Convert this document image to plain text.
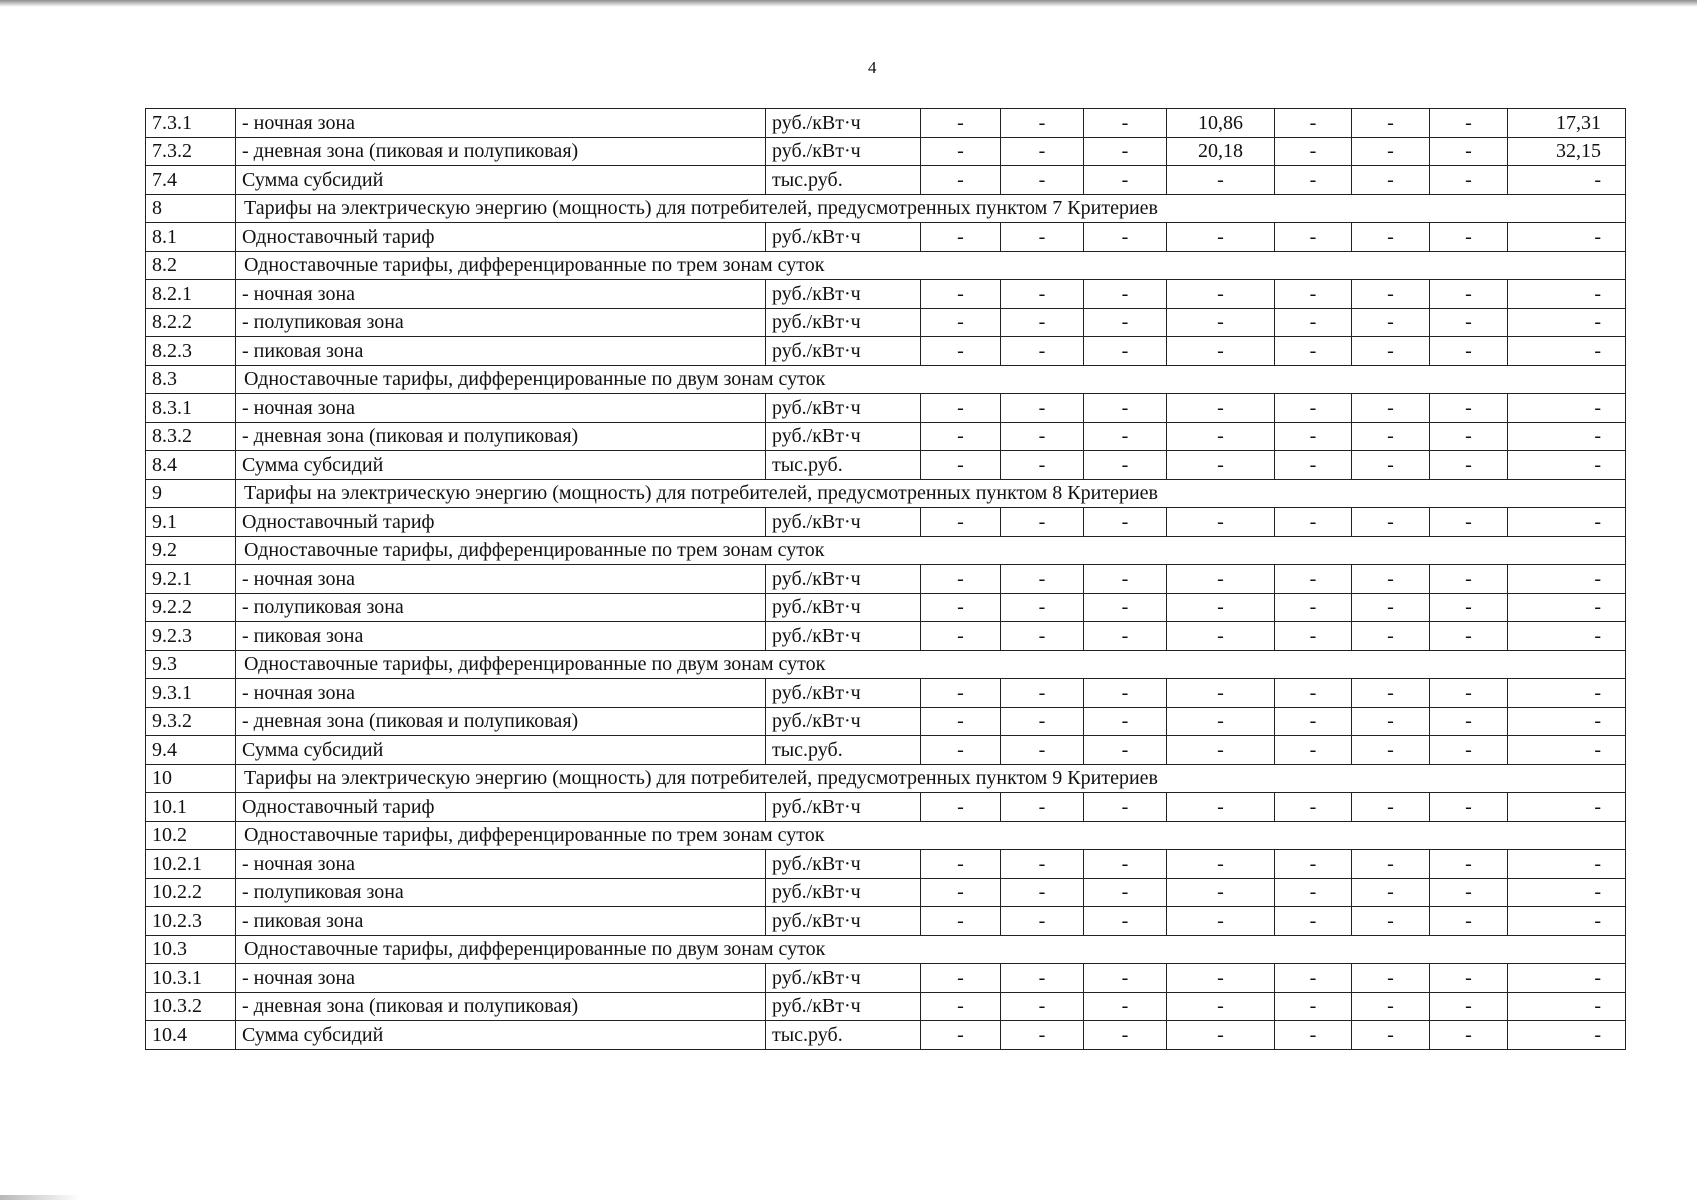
4
7.3.1	- ночная зона	руб./кВт·ч	-	-	-	10,86	-	-	-	17,31
7.3.2	- дневная зона (пиковая и полупиковая)	руб./кВт·ч	-	-	-	20,18	-	-	-	32,15
7.4	Сумма субсидий	тыс.руб.	-	-	-	-	-	-	-	-
8	Тарифы на электрическую энергию (мощность) для потребителей, предусмотренных пунктом 7 Критериев									
8.1	Одноставочный тариф	руб./кВт·ч	-	-	-	-	-	-	-	-
8.2	Одноставочные тарифы, дифференцированные по трем зонам суток									
8.2.1	- ночная зона	руб./кВт·ч	-	-	-	-	-	-	-	-
8.2.2	- полупиковая зона	руб./кВт·ч	-	-	-	-	-	-	-	-
8.2.3	- пиковая зона	руб./кВт·ч	-	-	-	-	-	-	-	-
8.3	Одноставочные тарифы, дифференцированные по двум зонам суток									
8.3.1	- ночная зона	руб./кВт·ч	-	-	-	-	-	-	-	-
8.3.2	- дневная зона (пиковая и полупиковая)	руб./кВт·ч	-	-	-	-	-	-	-	-
8.4	Сумма субсидий	тыс.руб.	-	-	-	-	-	-	-	-
9	Тарифы на электрическую энергию (мощность) для потребителей, предусмотренных пунктом 8 Критериев									
9.1	Одноставочный тариф	руб./кВт·ч	-	-	-	-	-	-	-	-
9.2	Одноставочные тарифы, дифференцированные по трем зонам суток									
9.2.1	- ночная зона	руб./кВт·ч	-	-	-	-	-	-	-	-
9.2.2	- полупиковая зона	руб./кВт·ч	-	-	-	-	-	-	-	-
9.2.3	- пиковая зона	руб./кВт·ч	-	-	-	-	-	-	-	-
9.3	Одноставочные тарифы, дифференцированные по двум зонам суток									
9.3.1	- ночная зона	руб./кВт·ч	-	-	-	-	-	-	-	-
9.3.2	- дневная зона (пиковая и полупиковая)	руб./кВт·ч	-	-	-	-	-	-	-	-
9.4	Сумма субсидий	тыс.руб.	-	-	-	-	-	-	-	-
10	Тарифы на электрическую энергию (мощность) для потребителей, предусмотренных пунктом 9 Критериев									
10.1	Одноставочный тариф	руб./кВт·ч	-	-	-	-	-	-	-	-
10.2	Одноставочные тарифы, дифференцированные по трем зонам суток									
10.2.1	- ночная зона	руб./кВт·ч	-	-	-	-	-	-	-	-
10.2.2	- полупиковая зона	руб./кВт·ч	-	-	-	-	-	-	-	-
10.2.3	- пиковая зона	руб./кВт·ч	-	-	-	-	-	-	-	-
10.3	Одноставочные тарифы, дифференцированные по двум зонам суток									
10.3.1	- ночная зона	руб./кВт·ч	-	-	-	-	-	-	-	-
10.3.2	- дневная зона (пиковая и полупиковая)	руб./кВт·ч	-	-	-	-	-	-	-	-
10.4	Сумма субсидий	тыс.руб.	-	-	-	-	-	-	-	-
